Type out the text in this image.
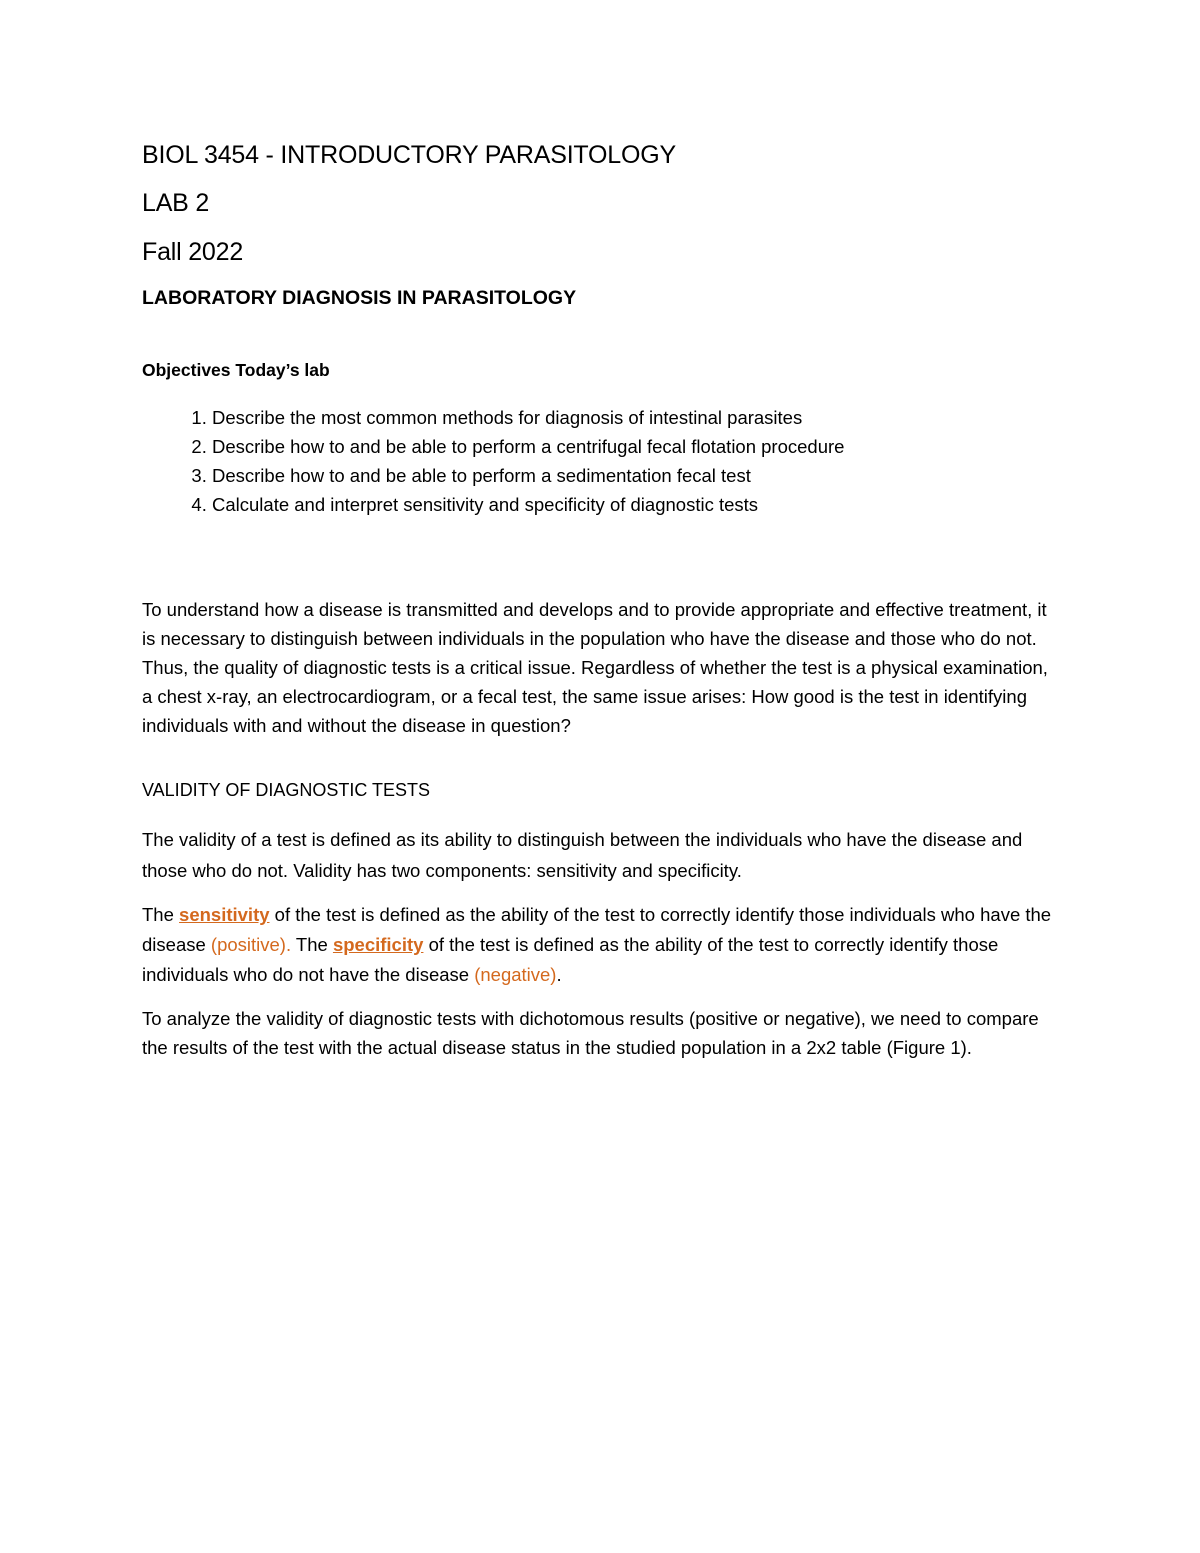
BIOL 3454 - INTRODUCTORY PARASITOLOGY

LAB 2

Fall 2022

LABORATORY DIAGNOSIS IN PARASITOLOGY

Objectives Today’s lab

1. Describe the most common methods for diagnosis of intestinal parasites
2. Describe how to and be able to perform a centrifugal fecal flotation procedure
3. Describe how to and be able to perform a sedimentation fecal test
4. Calculate and interpret sensitivity and specificity of diagnostic tests

To understand how a disease is transmitted and develops and to provide appropriate and effective treatment, it is necessary to distinguish between individuals in the population who have the disease and those who do not. Thus, the quality of diagnostic tests is a critical issue. Regardless of whether the test is a physical examination, a chest x-ray, an electrocardiogram, or a fecal test, the same issue arises: How good is the test in identifying individuals with and without the disease in question?

VALIDITY OF DIAGNOSTIC TESTS

The validity of a test is defined as its ability to distinguish between the individuals who have the disease and those who do not. Validity has two components: sensitivity and specificity.

The sensitivity of the test is defined as the ability of the test to correctly identify those individuals who have the disease (positive). The specificity of the test is defined as the ability of the test to correctly identify those individuals who do not have the disease (negative).

To analyze the validity of diagnostic tests with dichotomous results (positive or negative), we need to compare the results of the test with the actual disease status in the studied population in a 2x2 table (Figure 1).
